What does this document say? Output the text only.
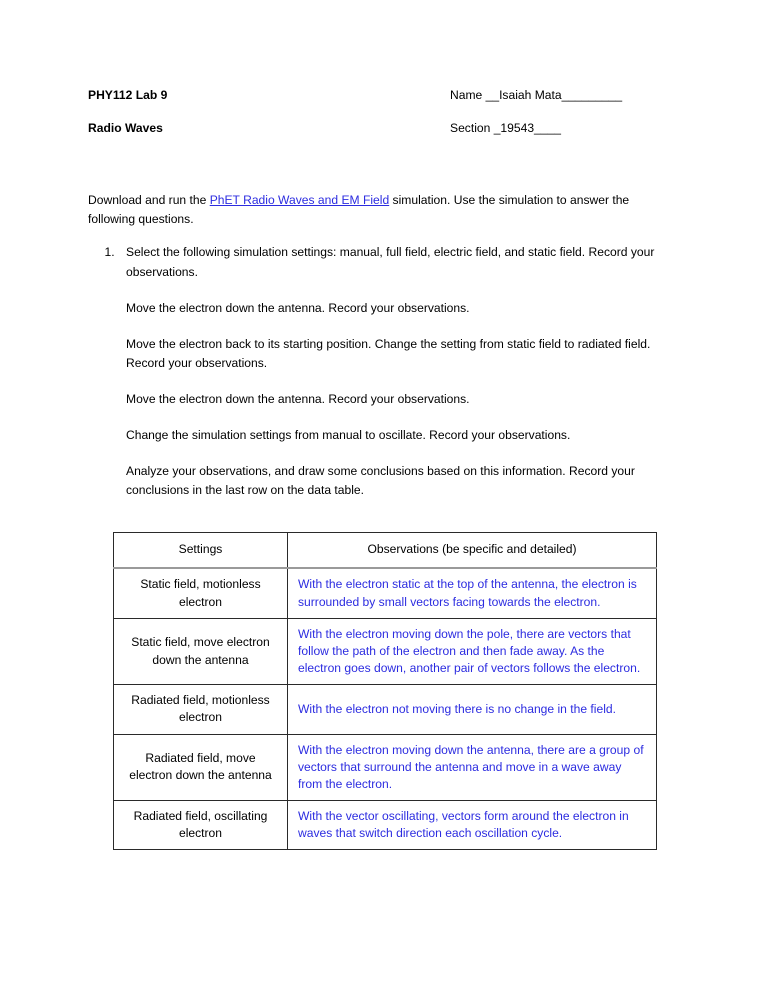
PHY112 Lab 9	Name __Isaiah Mata_________
Radio Waves	Section _19543____

Download and run the PhET Radio Waves and EM Field simulation. Use the simulation to answer the following questions.

1. Select the following simulation settings: manual, full field, electric field, and static field. Record your observations.

Move the electron down the antenna. Record your observations.

Move the electron back to its starting position. Change the setting from static field to radiated field. Record your observations.

Move the electron down the antenna. Record your observations.

Change the simulation settings from manual to oscillate. Record your observations.

Analyze your observations, and draw some conclusions based on this information. Record your conclusions in the last row on the data table.

Settings	Observations (be specific and detailed)
Static field, motionless electron	With the electron static at the top of the antenna, the electron is surrounded by small vectors facing towards the electron.
Static field, move electron down the antenna	With the electron moving down the pole, there are vectors that follow the path of the electron and then fade away. As the electron goes down, another pair of vectors follows the electron.
Radiated field, motionless electron	With the electron not moving there is no change in the field.
Radiated field, move electron down the antenna	With the electron moving down the antenna, there are a group of vectors that surround the antenna and move in a wave away from the electron.
Radiated field, oscillating electron	With the vector oscillating, vectors form around the electron in waves that switch direction each oscillation cycle.
